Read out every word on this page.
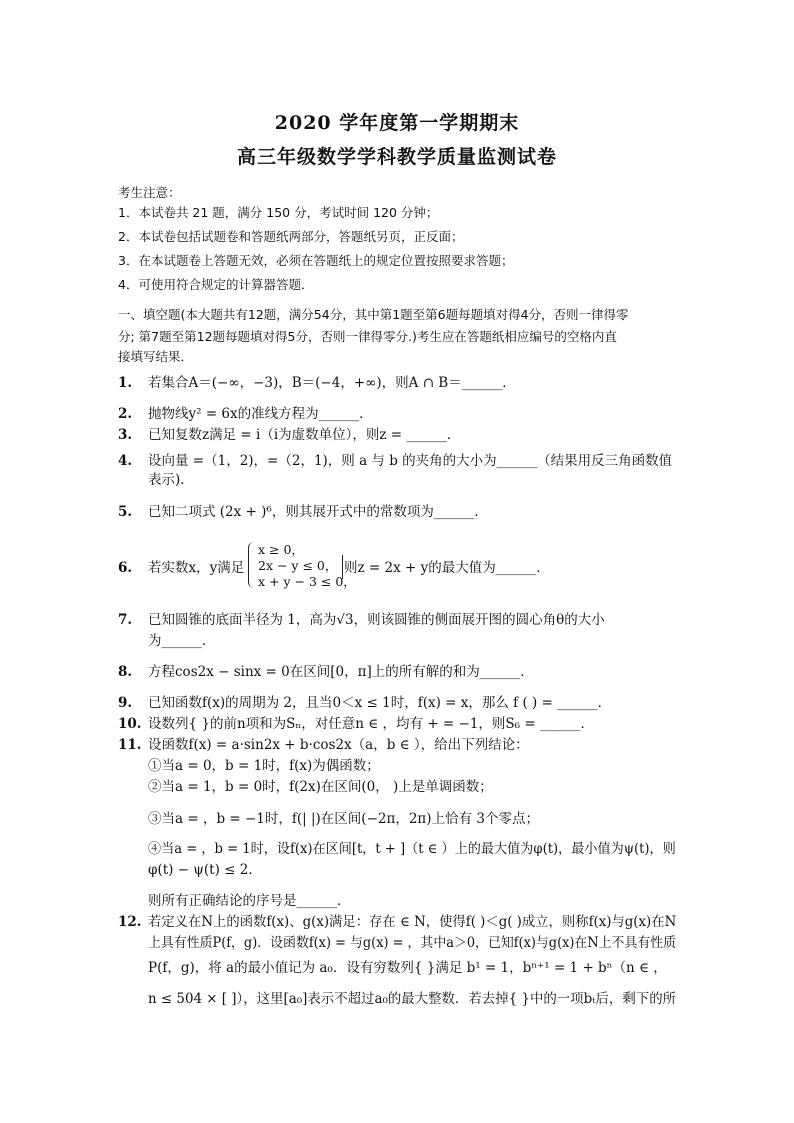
2020 学年度第一学期期末
高三年级数学学科教学质量监测试卷
考生注意：
1．本试卷共 21 题，满分 150 分，考试时间 120 分钟；
2．本试卷包括试题卷和答题纸两部分，答题纸另页，正反面；
3．在本试题卷上答题无效，必须在答题纸上的规定位置按照要求答题；
4．可使用符合规定的计算器答题．
一、填空题(本大题共有12题，满分54分，其中第1题至第6题每题填对得4分，否则一律得零
分; 第7题至第12题每题填对得5分，否则一律得零分.)考生应在答题纸相应编号的空格内直
接填写结果．
1. 若集合A＝(−∞，−3)，B＝(−4，+∞)，则A ∩ B＝______．
2. 抛物线y² = 6x的准线方程为______．
3. 已知复数z满足 = i（i为虚数单位），则z = ______．
4. 设向量 =（1，2)，=（2，1)，则 a 与 b 的夹角的大小为______（结果用反三角函数值
表示)．
5. 已知二项式 (2x + )⁶，则其展开式中的常数项为______．
6. 若实数x，y满足
x ≥ 0，
2x − y ≤ 0，
x + y − 3 ≤ 0，
则z = 2x + y的最大值为______．
7. 已知圆锥的底面半径为 1，高为√3，则该圆锥的侧面展开图的圆心角θ的大小
为______．
8. 方程cos2x − sinx = 0在区间[0，π]上的所有解的和为______．
9. 已知函数f(x)的周期为 2，且当0＜x ≤ 1时，f(x) = x，那么 f ( ) = ______．
10. 设数列{ }的前n项和为Sₙ，对任意n ∈ ，均有 + = −1，则S₆ = ______．
11. 设函数f(x) = a·sin2x + b·cos2x（a，b ∈ ），给出下列结论：
①当a = 0，b = 1时，f(x)为偶函数；
②当a = 1，b = 0时，f(2x)在区间(0， )上是单调函数；
③当a = ，b = −1时，f(| |)在区间(−2π，2π)上恰有 3个零点；
④当a = ，b = 1时，设f(x)在区间[t，t + ]（t ∈ ）上的最大值为φ(t)，最小值为ψ(t)，则
φ(t) − ψ(t) ≤ 2．
则所有正确结论的序号是______．
12. 若定义在N上的函数f(x)、g(x)满足：存在 ∈ N，使得f( )＜g( )成立，则称f(x)与g(x)在N
上具有性质P(f，g)．设函数f(x) = 与g(x) = ，其中a＞0，已知f(x)与g(x)在N上不具有性质
P(f，g)，将 a的最小值记为 a₀．设有穷数列{ }满足 b¹ = 1，bⁿ⁺¹ = 1 + bⁿ（n ∈ ，
n ≤ 504 × [ ]），这里[a₀]表示不超过a₀的最大整数．若去掉{ }中的一项bₜ后，剩下的所
